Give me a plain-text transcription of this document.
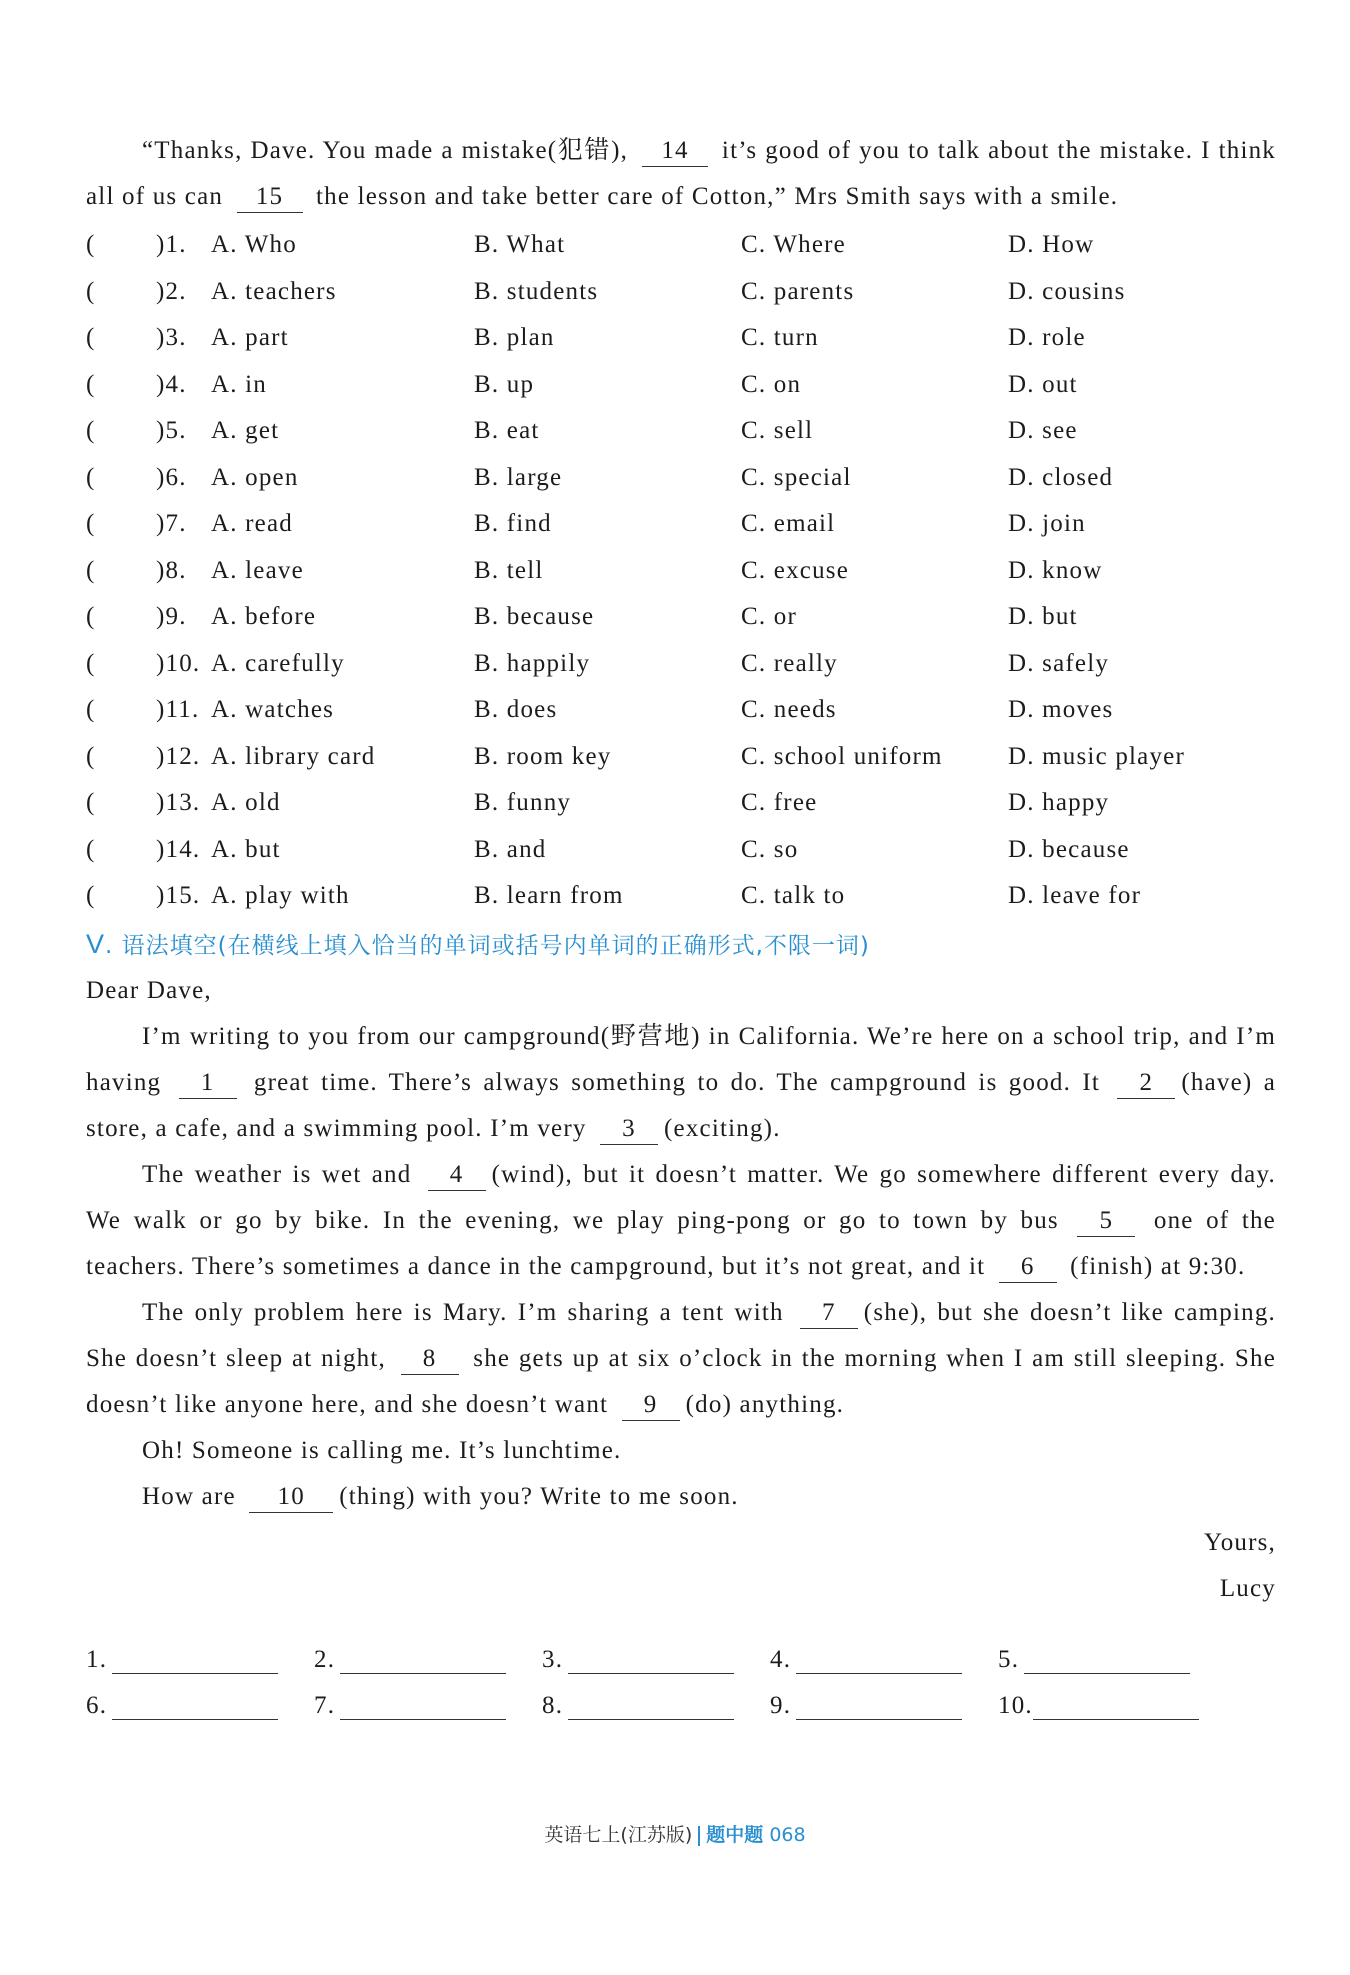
“Thanks, Dave. You made a mistake(犯错), 14 it’s good of you to talk about the mistake. I think all of us can 15 the lesson and take better care of Cotton,” Mrs Smith says with a smile.

(	)1. A. Who	B. What	C. Where	D. How
(	)2. A. teachers	B. students	C. parents	D. cousins
(	)3. A. part	B. plan	C. turn	D. role
(	)4. A. in	B. up	C. on	D. out
(	)5. A. get	B. eat	C. sell	D. see
(	)6. A. open	B. large	C. special	D. closed
(	)7. A. read	B. find	C. email	D. join
(	)8. A. leave	B. tell	C. excuse	D. know
(	)9. A. before	B. because	C. or	D. but
(	)10. A. carefully	B. happily	C. really	D. safely
(	)11. A. watches	B. does	C. needs	D. moves
(	)12. A. library card	B. room key	C. school uniform	D. music player
(	)13. A. old	B. funny	C. free	D. happy
(	)14. A. but	B. and	C. so	D. because
(	)15. A. play with	B. learn from	C. talk to	D. leave for
V. 语法填空(在横线上填入恰当的单词或括号内单词的正确形式,不限一词)

Dear Dave,

I’m writing to you from our campground(野营地) in California. We’re here on a school trip, and I’m having 1 great time. There’s always something to do. The campground is good. It 2 (have) a store, a cafe, and a swimming pool. I’m very 3 (exciting).

The weather is wet and 4 (wind), but it doesn’t matter. We go somewhere different every day. We walk or go by bike. In the evening, we play ping-pong or go to town by bus 5 one of the teachers. There’s sometimes a dance in the campground, but it’s not great, and it 6 (finish) at 9:30.

The only problem here is Mary. I’m sharing a tent with 7 (she), but she doesn’t like camping. She doesn’t sleep at night, 8 she gets up at six o’clock in the morning when I am still sleeping. She doesn’t like anyone here, and she doesn’t want 9 (do) anything.

Oh! Someone is calling me. It’s lunchtime.

How are 10 (thing) with you? Write to me soon.

Yours,

Lucy

1.	2.	3.	4.	5.
6.	7.	8.	9.	10.
英语七上(江苏版) 题中题 068
